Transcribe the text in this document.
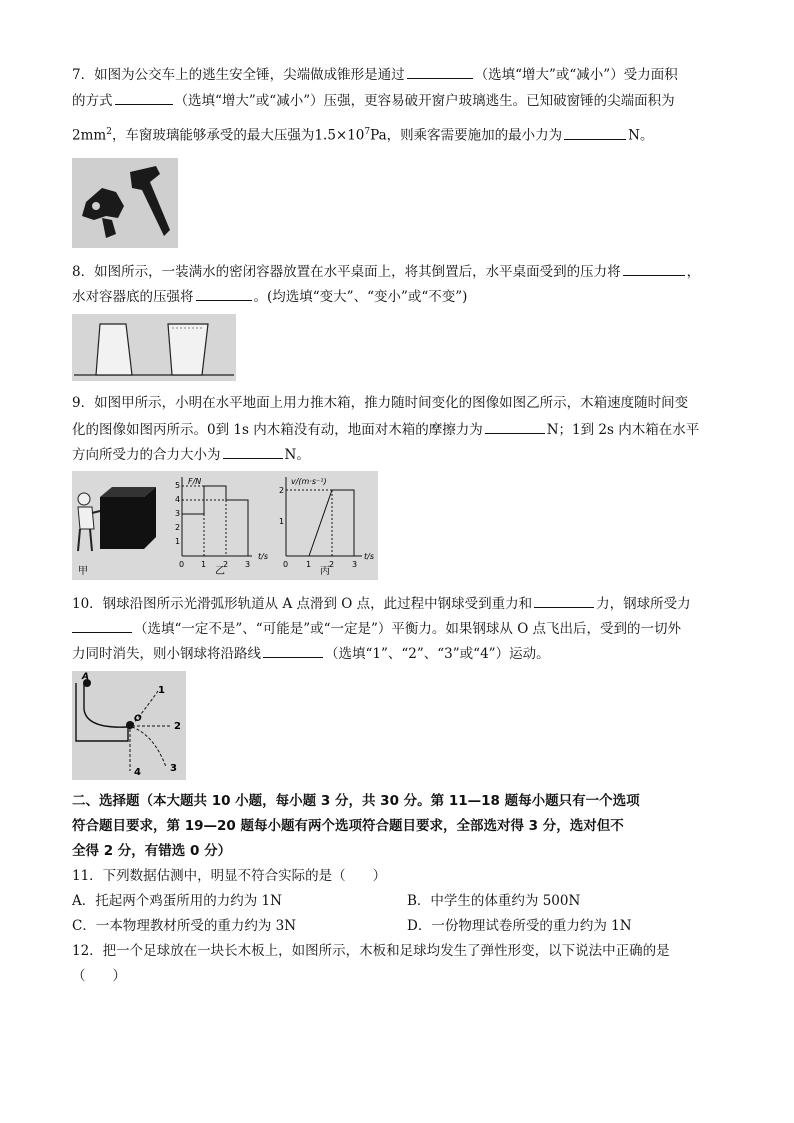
7．如图为公交车上的逃生安全锤，尖端做成锥形是通过	（选填“增大”或“减小”）受力面积
的方式	（选填“增大”或“减小”）压强，更容易破开窗户玻璃逃生。已知破窗锤的尖端面积为
$2mm^2$，车窗玻璃能够承受的最大压强为$1.5\times 10^7Pa$，则乘客需要施加的最小力为	N。
8．如图所示，一装满水的密闭容器放置在水平桌面上，将其倒置后，水平桌面受到的压力将	，
水对容器底的压强将	。(均选填“变大”、“变小”或“不变”)
9．如图甲所示，小明在水平地面上用力推木箱，推力随时间变化的图像如图乙所示，木箱速度随时间变
化的图像如图丙所示。0到 1s 内木箱没有动，地面对木箱的摩擦力为	N；1到 2s 内木箱在水平
方向所受力的合力大小为	N。
甲
F/N
t/s
5
4
3
2
1
0 1 2 3
乙
v/(m·s⁻¹)
t/s
2
1
0 1 2 3
丙
10．钢球沿图所示光滑弧形轨道从 A 点滑到 O 点，此过程中钢球受到重力和	力，钢球所受力
（选填“一定不是”、“可能是”或“一定是”）平衡力。如果钢球从 O 点飞出后，受到的一切外
力同时消失，则小钢球将沿路线	（选填“1”、“2”、“3”或“4”）运动。
A
O
1
2
3
4
二、选择题（本大题共 10 小题，每小题 3 分，共 30 分。第 11—18 题每小题只有一个选项
符合题目要求，第 19—20 题每小题有两个选项符合题目要求，全部选对得 3 分，选对但不
全得 2 分，有错选 0 分）
11．下列数据估测中，明显不符合实际的是（　　）
A．托起两个鸡蛋所用的力约为 1N	B．中学生的体重约为 500N
C．一本物理教材所受的重力约为 3N	D．一份物理试卷所受的重力约为 1N
12．把一个足球放在一块长木板上，如图所示，木板和足球均发生了弹性形变，以下说法中正确的是
（　　）
